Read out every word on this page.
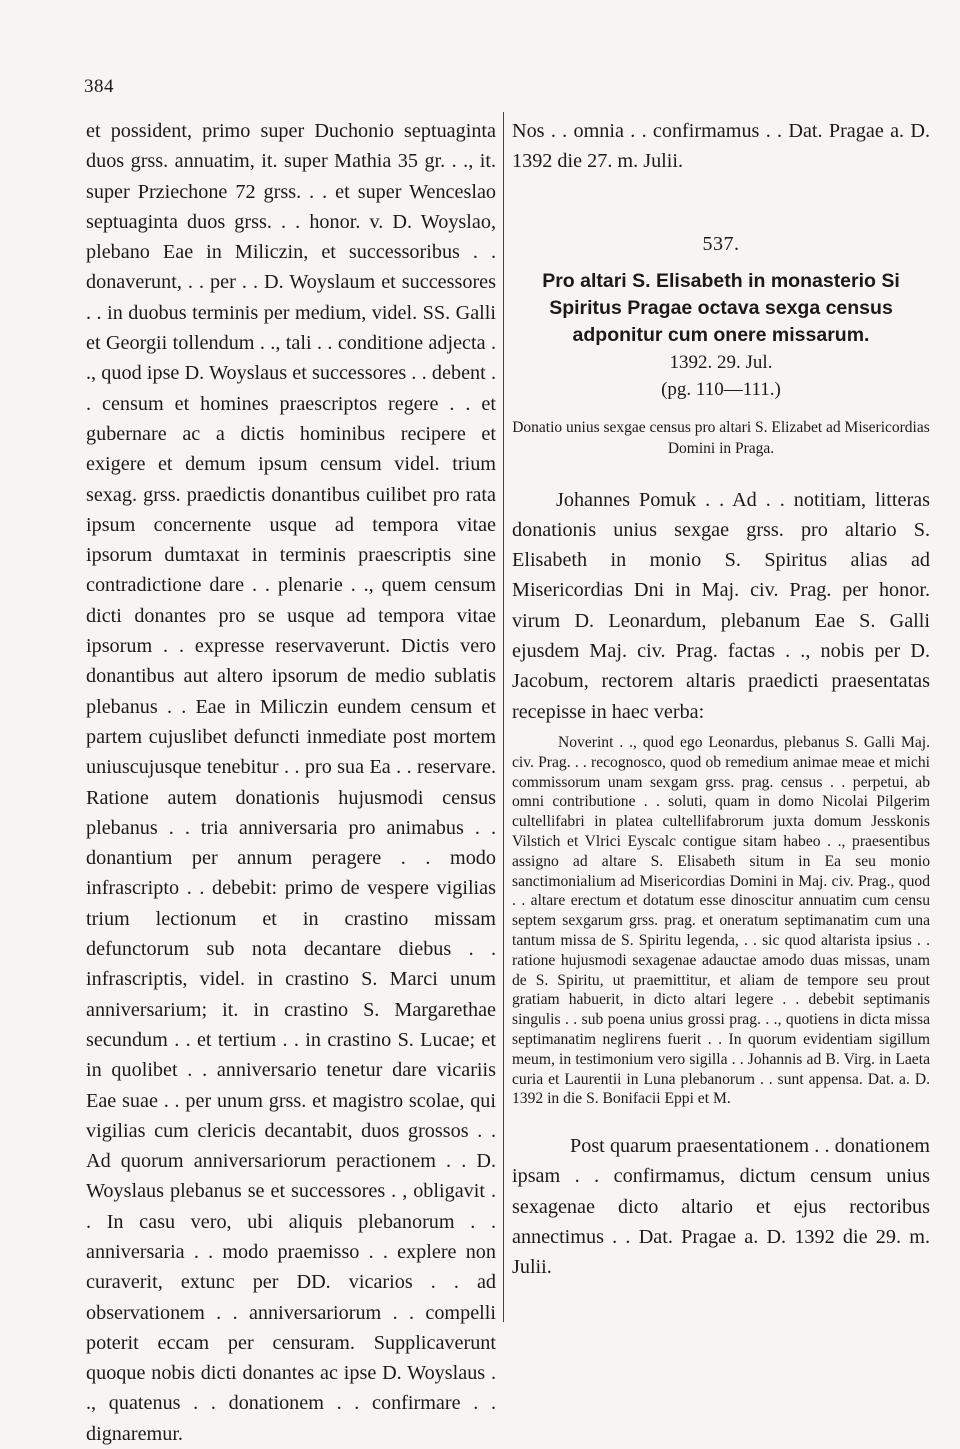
384

et possident, primo super Duchonio septuaginta duos grss. annuatim, it. super Mathia 35 gr. . ., it. super Prziechone 72 grss. . . et super Wenceslao septuaginta duos grss. . . honor. v. D. Woyslao, plebano Eae in Miliczin, et successoribus . . donaverunt, . . per . . D. Woyslaum et successores . . in duobus terminis per medium, videl. SS. Galli et Georgii tollendum . ., tali . . conditione adjecta . ., quod ipse D. Woyslaus et successores . . debent . . censum et homines praescriptos regere . . et gubernare ac a dictis hominibus recipere et exigere et demum ipsum censum videl. trium sexag. grss. praedictis donantibus cuilibet pro rata ipsum concernente usque ad tempora vitae ipsorum dumtaxat in terminis praescriptis sine contradictione dare . . plenarie . ., quem censum dicti donantes pro se usque ad tempora vitae ipsorum . . expresse reservaverunt. Dictis vero donantibus aut altero ipsorum de medio sublatis plebanus . . Eae in Miliczin eundem censum et partem cujuslibet defuncti inmediate post mortem uniuscujusque tenebitur . . pro sua Ea . . reservare. Ratione autem donationis hujusmodi census plebanus . . tria anniversaria pro animabus . . donantium per annum peragere . . modo infrascripto . . debebit: primo de vespere vigilias trium lectionum et in crastino missam defunctorum sub nota decantare diebus . . infrascriptis, videl. in crastino S. Marci unum anniversarium; it. in crastino S. Margarethae secundum . . et tertium . . in crastino S. Lucae; et in quolibet . . anniversario tenetur dare vicariis Eae suae . . per unum grss. et magistro scolae, qui vigilias cum clericis decantabit, duos grossos . . Ad quorum anniversariorum peractionem . . D. Woyslaus plebanus se et successores . , obligavit . . In casu vero, ubi aliquis plebanorum . . anniversaria . . modo praemisso . . explere non curaverit, extunc per DD. vicarios . . ad observationem . . anniversariorum . . compelli poterit eccam per censuram. Supplicaverunt quoque nobis dicti donantes ac ipse D. Woyslaus . ., quatenus . . donationem . . confirmare . . dignaremur.

Nos . . omnia . . confirmamus . . Dat. Pragae a. D. 1392 die 27. m. Julii.

537.

Pro altari S. Elisabeth in monasterio Si Spiritus Pragae octava sexga census adponitur cum onere missarum.

1392. 29. Jul.

(pg. 110—111.)

Donatio unius sexgae census pro altari S. Elizabet ad Misericordias Domini in Praga.

Johannes Pomuk . . Ad . . notitiam, litteras donationis unius sexgae grss. pro altario S. Elisabeth in monio S. Spiritus alias ad Misericordias Dni in Maj. civ. Prag. per honor. virum D. Leonardum, plebanum Eae S. Galli ejusdem Maj. civ. Prag. factas . ., nobis per D. Jacobum, rectorem altaris praedicti praesentatas recepisse in haec verba:

Noverint . ., quod ego Leonardus, plebanus S. Galli Maj. civ. Prag. . . recognosco, quod ob remedium animae meae et michi commissorum unam sexgam grss. prag. census . . perpetui, ab omni contributione . . soluti, quam in domo Nicolai Pilgerim cultellifabri in platea cultellifabrorum juxta domum Jesskonis Vilstich et Vlrici Eyscalc contigue sitam habeo . ., praesentibus assigno ad altare S. Elisabeth situm in Ea seu monio sanctimonialium ad Misericordias Domini in Maj. civ. Prag., quod . . altare erectum et dotatum esse dinoscitur annuatim cum censu septem sexgarum grss. prag. et oneratum septimanatim cum una tantum missa de S. Spiritu legenda, . . sic quod altarista ipsius . . ratione hujusmodi sexagenae adauctae amodo duas missas, unam de S. Spiritu, ut praemittitur, et aliam de tempore seu prout gratiam habuerit, in dicto altari legere . . debebit septimanis singulis . . sub poena unius grossi prag. . ., quotiens in dicta missa septimanatim neglігens fuerit . . In quorum evidentiam sigillum meum, in testimonium vero sigilla . . Johannis ad B. Virg. in Laeta curia et Laurentii in Luna plebanorum . . sunt appensa. Dat. a. D. 1392 in die S. Bonifacii Eppi et M.

Post quarum praesentationem . . donationem ipsam . . confirmamus, dictum censum unius sexagenae dicto altario et ejus rectoribus annectimus . . Dat. Pragae a. D. 1392 die 29. m. Julii.
